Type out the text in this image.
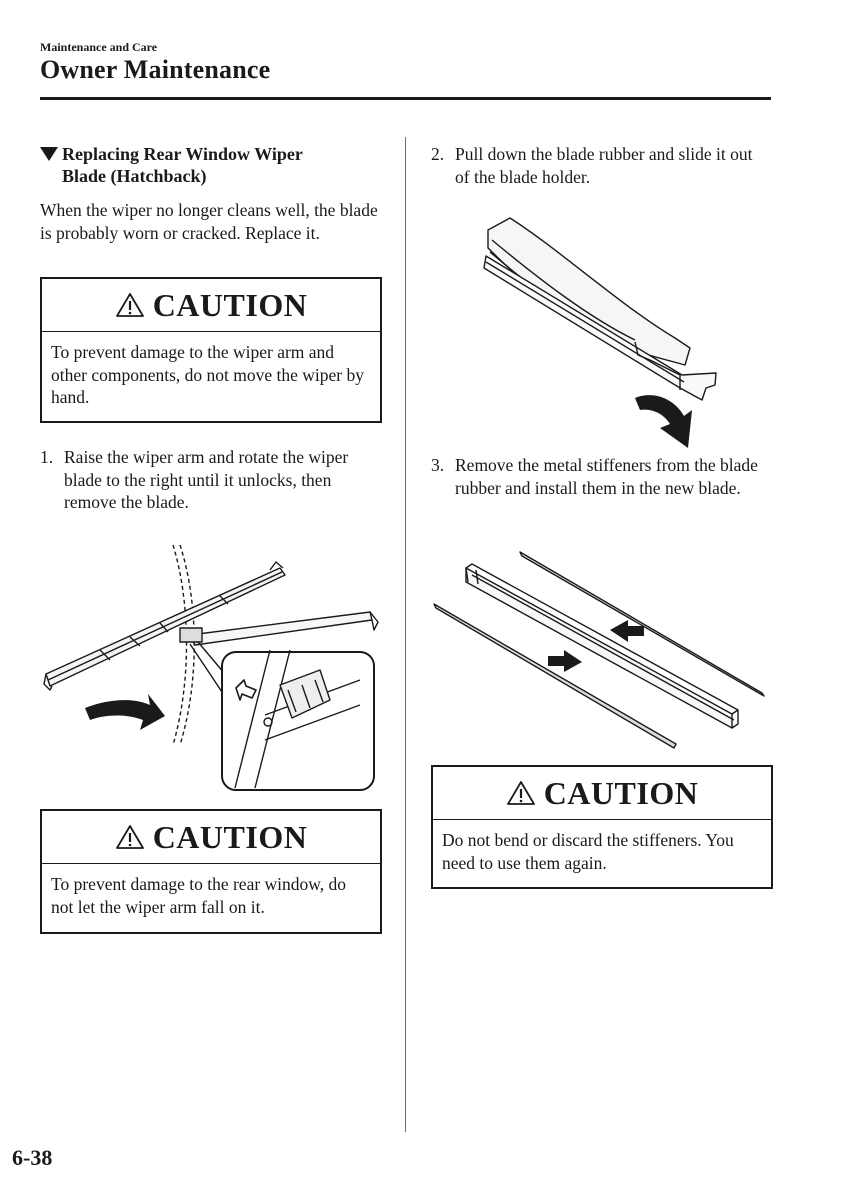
Maintenance and Care
Owner Maintenance
Replacing Rear Window Wiper
Blade (Hatchback)
When the wiper no longer cleans well, the blade is probably worn or cracked. Replace it.
CAUTION
To prevent damage to the wiper arm and other components, do not move the wiper by hand.
1. Raise the wiper arm and rotate the wiper blade to the right until it unlocks, then remove the blade.
CAUTION
To prevent damage to the rear window, do not let the wiper arm fall on it.
2. Pull down the blade rubber and slide it out of the blade holder.
3. Remove the metal stiffeners from the blade rubber and install them in the new blade.
CAUTION
Do not bend or discard the stiffeners. You need to use them again.
6-38
